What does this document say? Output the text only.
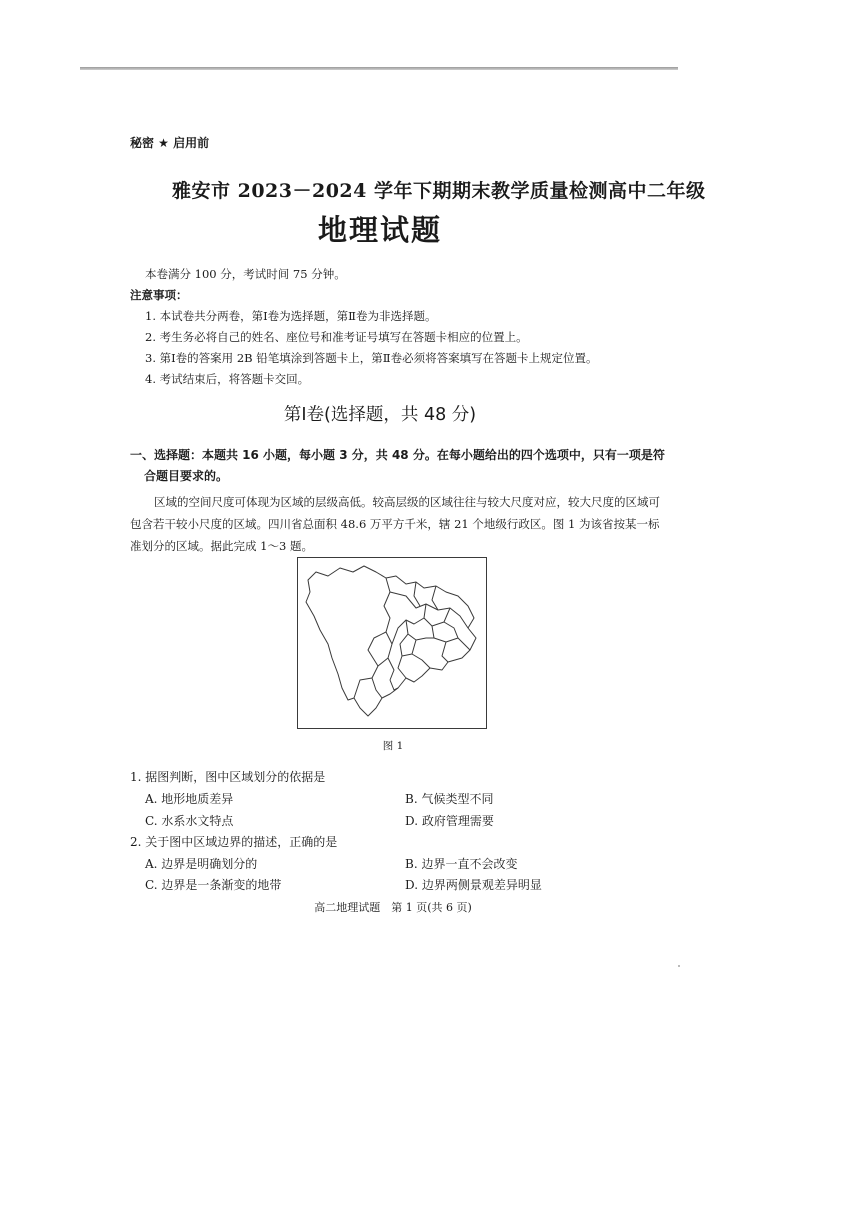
秘密 ★ 启用前
雅安市 2023－2024 学年下期期末教学质量检测高中二年级
地理试题
本卷满分 100 分，考试时间 75 分钟。
注意事项：
1. 本试卷共分两卷，第Ⅰ卷为选择题，第Ⅱ卷为非选择题。
2. 考生务必将自己的姓名、座位号和准考证号填写在答题卡相应的位置上。
3. 第Ⅰ卷的答案用 2B 铅笔填涂到答题卡上，第Ⅱ卷必须将答案填写在答题卡上规定位置。
4. 考试结束后，将答题卡交回。
第Ⅰ卷(选择题，共 48 分)
一、选择题：本题共 16 小题，每小题 3 分，共 48 分。在每小题给出的四个选项中，只有一项是符
合题目要求的。
区域的空间尺度可体现为区域的层级高低。较高层级的区域往往与较大尺度对应，较大尺度的区域可包含若干较小尺度的区域。四川省总面积 48.6 万平方千米，辖 21 个地级行政区。图 1 为该省按某一标准划分的区域。据此完成 1～3 题。
图 1
1. 据图判断，图中区域划分的依据是
A. 地形地质差异	B. 气候类型不同
C. 水系水文特点	D. 政府管理需要
2. 关于图中区域边界的描述，正确的是
A. 边界是明确划分的	B. 边界一直不会改变
C. 边界是一条渐变的地带	D. 边界两侧景观差异明显
高二地理试题　第 1 页(共 6 页)
